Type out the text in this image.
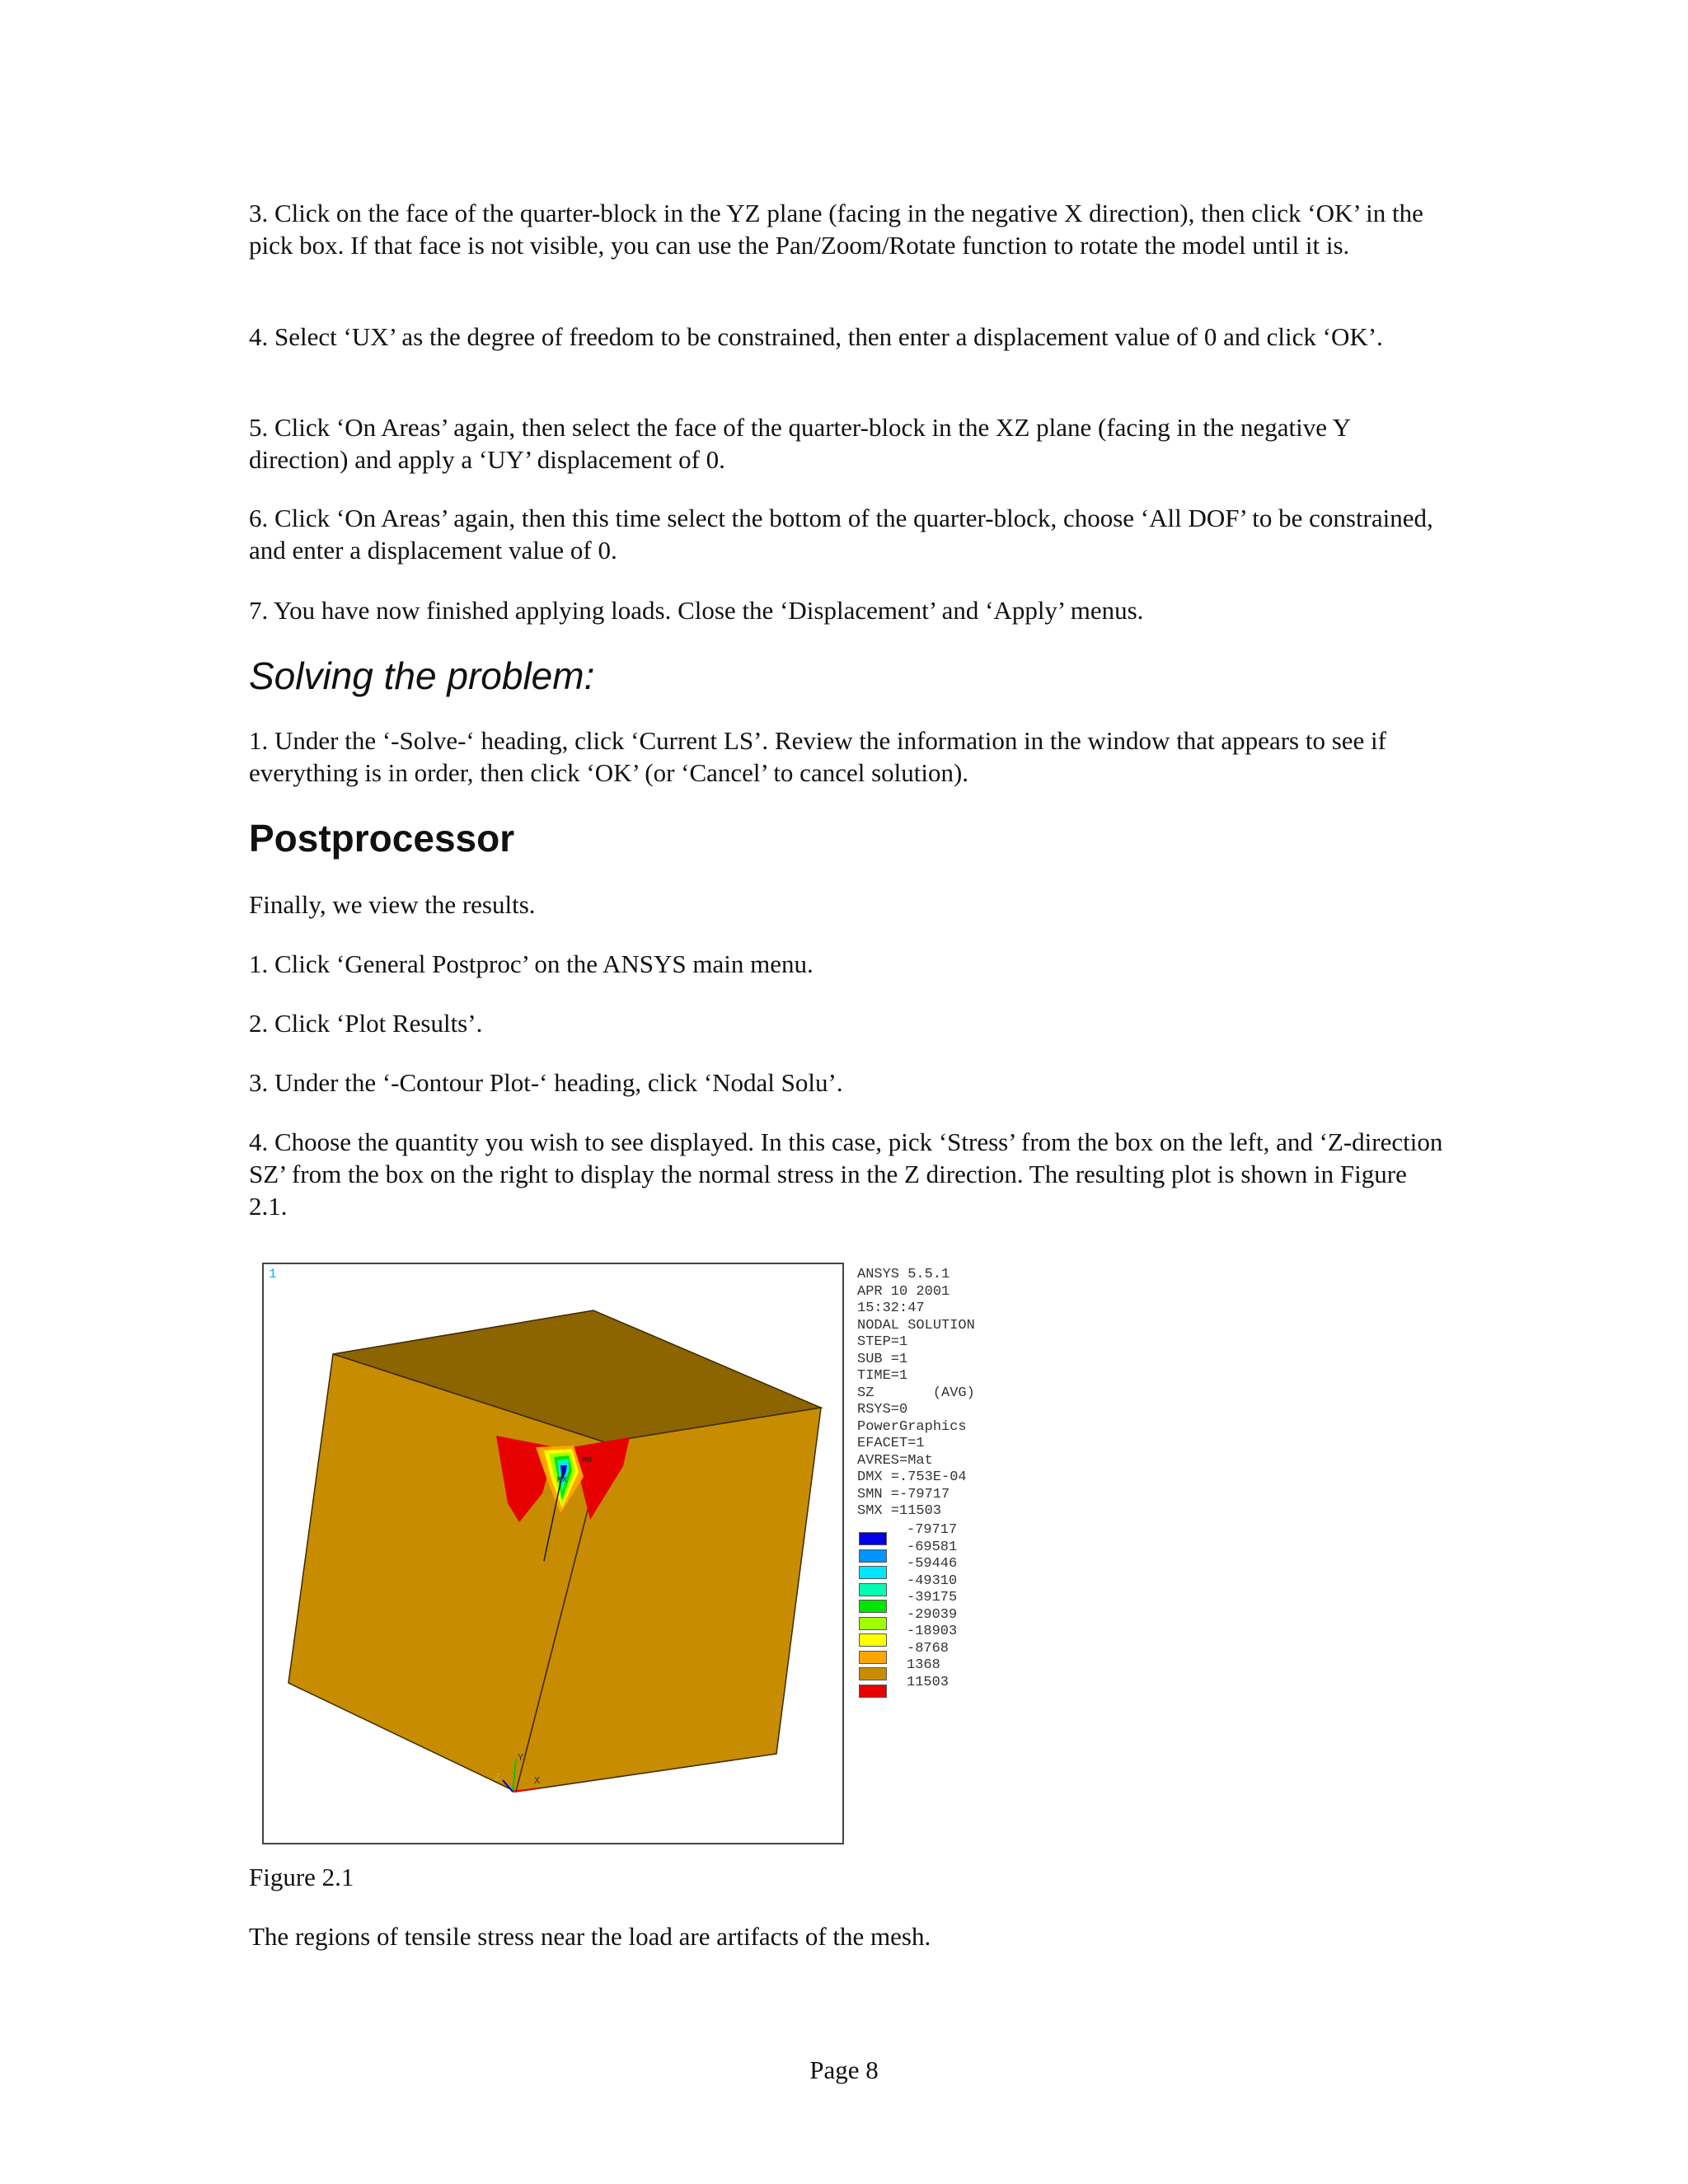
3. Click on the face of the quarter-block in the YZ plane (facing in the negative X direction), then click ‘OK’ in the pick box. If that face is not visible, you can use the Pan/Zoom/Rotate function to rotate the model until it is.

4. Select ‘UX’ as the degree of freedom to be constrained, then enter a displacement value of 0 and click ‘OK’.

5. Click ‘On Areas’ again, then select the face of the quarter-block in the XZ plane (facing in the negative Y direction) and apply a ‘UY’ displacement of 0.

6. Click ‘On Areas’ again, then this time select the bottom of the quarter-block, choose ‘All DOF’ to be constrained, and enter a displacement value of 0.

7. You have now finished applying loads. Close the ‘Displacement’ and ‘Apply’ menus.

Solving the problem:

1. Under the ‘-Solve-‘ heading, click ‘Current LS’. Review the information in the window that appears to see if everything is in order, then click ‘OK’ (or ‘Cancel’ to cancel solution).

Postprocessor

Finally, we view the results.

1. Click ‘General Postproc’ on the ANSYS main menu.

2. Click ‘Plot Results’.

3. Under the ‘-Contour Plot-‘ heading, click ‘Nodal Solu’.

4. Choose the quantity you wish to see displayed. In this case, pick ‘Stress’ from the box on the left, and ‘Z-direction SZ’ from the box on the right to display the normal stress in the Z direction. The resulting plot is shown in Figure 2.1.

MN
MX
1
X
Y
Z
ANSYS 5.5.1
APR 10 2001
15:32:47
NODAL SOLUTION
STEP=1
SUB =1
TIME=1
SZ       (AVG)
RSYS=0
PowerGraphics
EFACET=1
AVRES=Mat
DMX =.753E-04
SMN =-79717
SMX =11503
-79717
-69581
-59446
-49310
-39175
-29039
-18903
-8768
1368
11503

Figure 2.1

The regions of tensile stress near the load are artifacts of the mesh.

Page 8
